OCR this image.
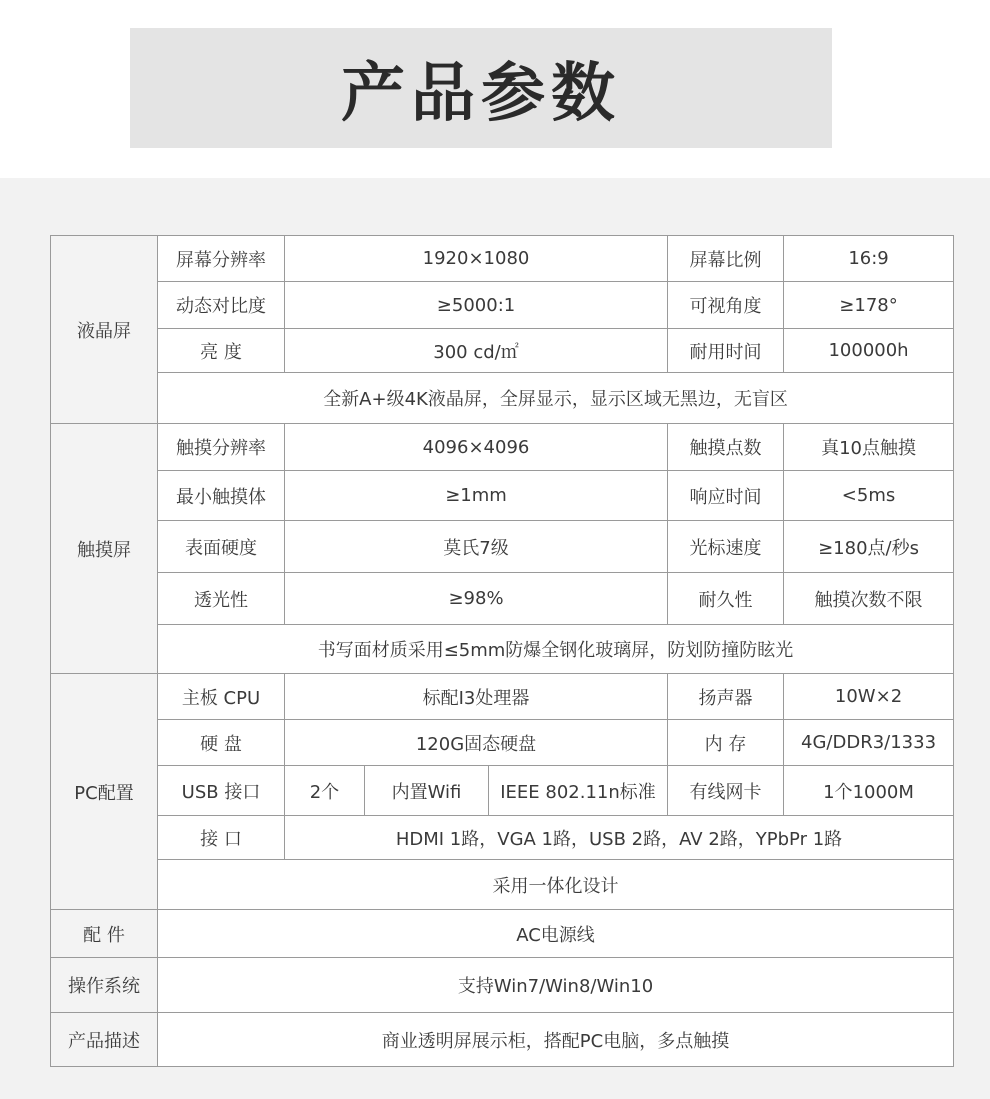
产品参数
液晶屏	屏幕分辨率	1920×1080			屏幕比例	16:9
	动态对比度	≥5000:1			可视角度	≥178°
	亮 度	300 cd/㎡			耐用时间	100000h
	全新A+级4K液晶屏，全屏显示，显示区域无黑边，无盲区					
触摸屏	触摸分辨率	4096×4096			触摸点数	真10点触摸
	最小触摸体	≥1mm			响应时间	<5ms
	表面硬度	莫氏7级			光标速度	≥180点/秒s
	透光性	≥98%			耐久性	触摸次数不限
	书写面材质采用≤5mm防爆全钢化玻璃屏，防划防撞防眩光					
PC配置	主板 CPU	标配I3处理器			扬声器	10W×2
	硬 盘	120G固态硬盘			内 存	4G/DDR3/1333
	USB 接口	2个	内置Wifi	IEEE 802.11n标准	有线网卡	1个1000M
	接 口	HDMI 1路，VGA 1路，USB 2路，AV 2路，YPbPr 1路				
	采用一体化设计					
配 件	AC电源线					
操作系统	支持Win7/Win8/Win10					
产品描述	商业透明屏展示柜，搭配PC电脑，多点触摸					
